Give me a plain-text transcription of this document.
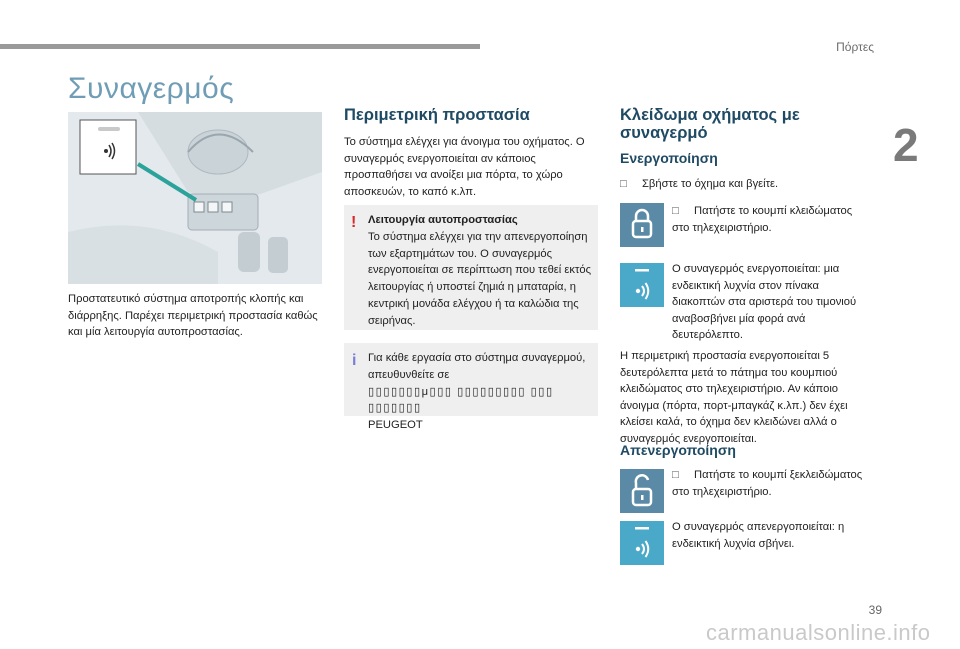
Πόρτες
2
Συναγερμός
Προστατευτικό σύστημα αποτροπής κλοπής και διάρρηξης. Παρέχει περιμετρική προστασία καθώς και μία λειτουργία αυτοπροστασίας.
Περιμετρική προστασία
Το σύστημα ελέγχει για άνοιγμα του οχήματος. Ο συναγερμός ενεργοποιείται αν κάποιος προσπαθήσει να ανοίξει μια πόρτα, το χώρο αποσκευών, το καπό κ.λπ.
! Λειτουργία αυτοπροστασίας
Το σύστημα ελέγχει για την απενεργοποίηση των εξαρτημάτων του. Ο συναγερμός ενεργοποιείται σε περίπτωση που τεθεί εκτός λειτουργίας ή υποστεί ζημιά η μπαταρία, η κεντρική μονάδα ελέγχου ή τα καλώδια της σειρήνας.
i Για κάθε εργασία στο σύστημα συναγερμού, απευθυνθείτε σε
▯▯▯▯▯▯▯μ▯▯▯ ▯▯▯▯▯▯▯▯▯ ▯▯▯ ▯▯▯▯▯▯▯
PEUGEOT
Κλείδωμα οχήματος με συναγερμό
Ενεργοποίηση
□ Σβήστε το όχημα και βγείτε.
□ Πατήστε το κουμπί κλειδώματος στο τηλεχειριστήριο.
Ο συναγερμός ενεργοποιείται: μια ενδεικτική λυχνία στον πίνακα διακοπτών στα αριστερά του τιμονιού αναβοσβήνει μία φορά ανά δευτερόλεπτο.
Η περιμετρική προστασία ενεργοποιείται 5 δευτερόλεπτα μετά το πάτημα του κουμπιού κλειδώματος στο τηλεχειριστήριο. Αν κάποιο άνοιγμα (πόρτα, πορτ-μπαγκάζ κ.λπ.) δεν έχει κλείσει καλά, το όχημα δεν κλειδώνει αλλά ο συναγερμός ενεργοποιείται.
Απενεργοποίηση
□ Πατήστε το κουμπί ξεκλειδώματος στο τηλεχειριστήριο.
Ο συναγερμός απενεργοποιείται: η ενδεικτική λυχνία σβήνει.
39
carmanualsonline.info
